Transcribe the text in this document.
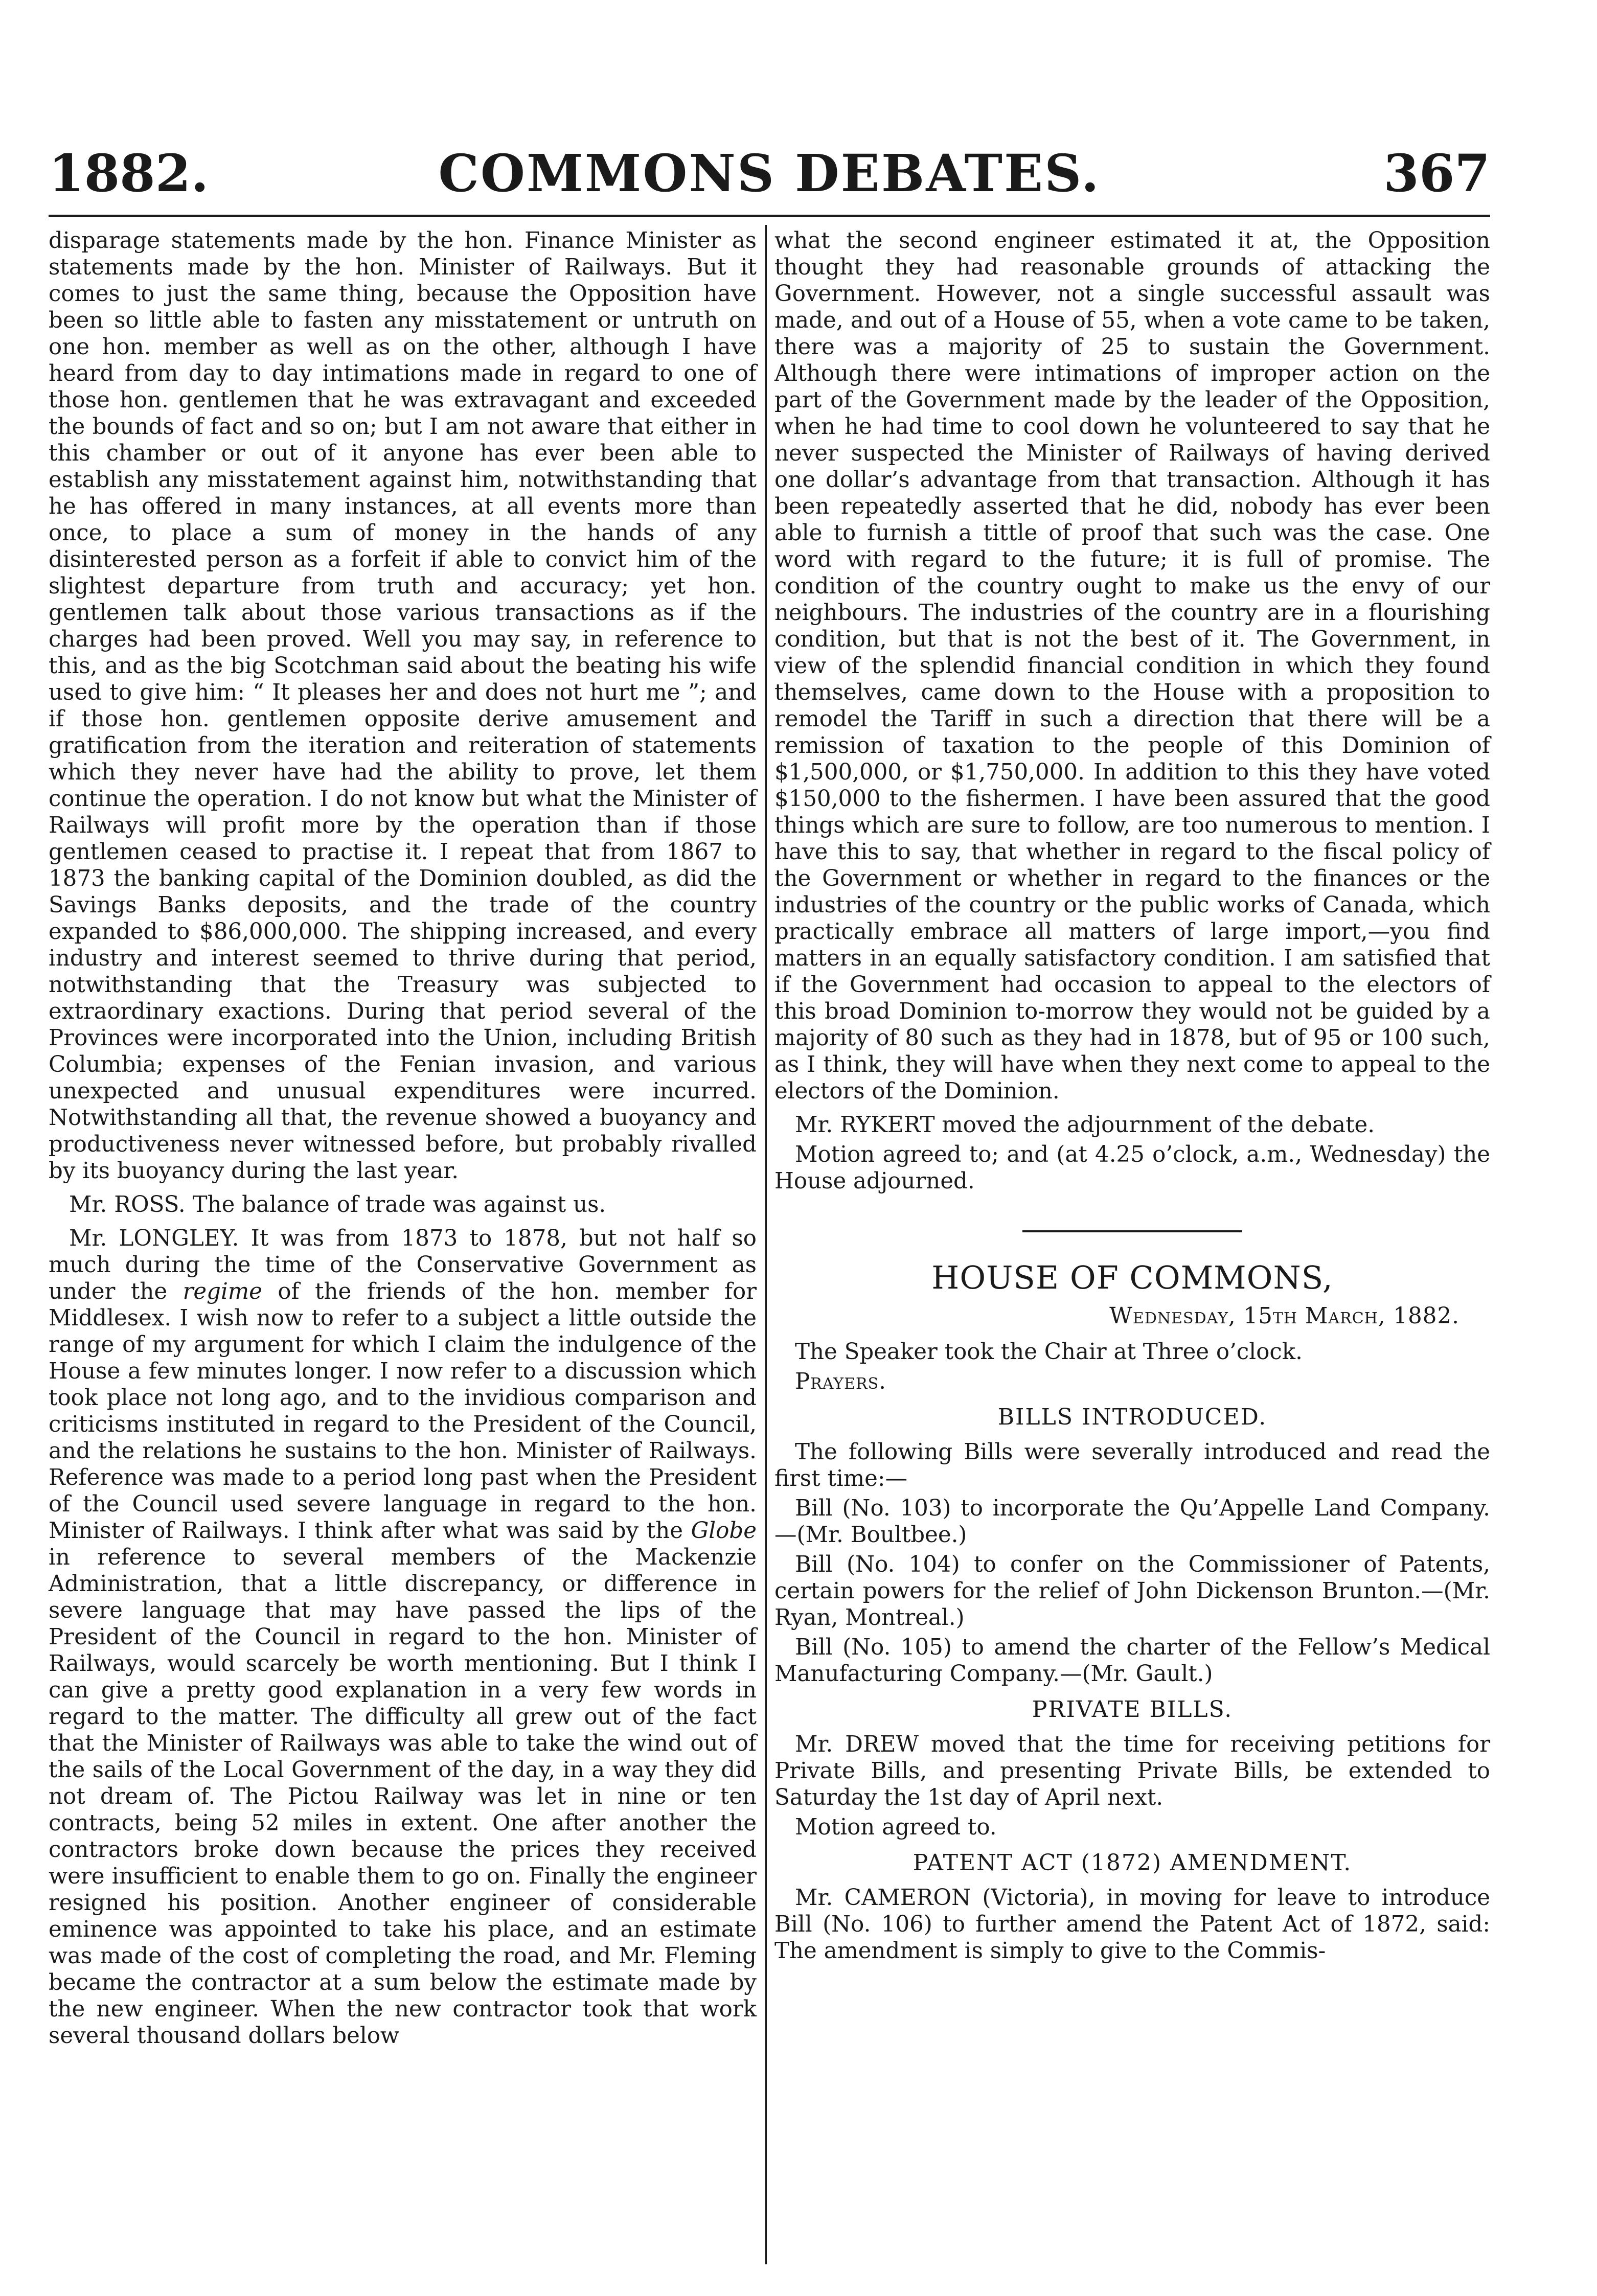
1882.	COMMONS DEBATES.	367

disparage statements made by the hon. Finance Minister as statements made by the hon. Minister of Railways. But it comes to just the same thing, because the Opposition have been so little able to fasten any misstatement or untruth on one hon. member as well as on the other, although I have heard from day to day intimations made in regard to one of those hon. gentlemen that he was extravagant and exceeded the bounds of fact and so on; but I am not aware that either in this chamber or out of it anyone has ever been able to establish any misstatement against him, notwithstanding that he has offered in many instances, at all events more than once, to place a sum of money in the hands of any disinterested person as a forfeit if able to convict him of the slightest departure from truth and accuracy; yet hon. gentlemen talk about those various transactions as if the charges had been proved. Well you may say, in reference to this, and as the big Scotchman said about the beating his wife used to give him: “ It pleases her and does not hurt me ”; and if those hon. gentlemen opposite derive amusement and gratification from the iteration and reiteration of statements which they never have had the ability to prove, let them continue the operation. I do not know but what the Minister of Railways will profit more by the operation than if those gentlemen ceased to practise it. I repeat that from 1867 to 1873 the banking capital of the Dominion doubled, as did the Savings Banks deposits, and the trade of the country expanded to $86,000,000. The shipping increased, and every industry and interest seemed to thrive during that period, notwithstanding that the Treasury was subjected to extraordinary exactions. During that period several of the Provinces were incorporated into the Union, including British Columbia; expenses of the Fenian invasion, and various unexpected and unusual expenditures were incurred. Notwithstanding all that, the revenue showed a buoyancy and productiveness never witnessed before, but probably rivalled by its buoyancy during the last year.

Mr. ROSS. The balance of trade was against us.

Mr. LONGLEY. It was from 1873 to 1878, but not half so much during the time of the Conservative Government as under the regime of the friends of the hon. member for Middlesex. I wish now to refer to a subject a little outside the range of my argument for which I claim the indulgence of the House a few minutes longer. I now refer to a discussion which took place not long ago, and to the invidious comparison and criticisms instituted in regard to the President of the Council, and the relations he sustains to the hon. Minister of Railways. Reference was made to a period long past when the President of the Council used severe language in regard to the hon. Minister of Railways. I think after what was said by the Globe in reference to several members of the Mackenzie Administration, that a little discrepancy, or difference in severe language that may have passed the lips of the President of the Council in regard to the hon. Minister of Railways, would scarcely be worth mentioning. But I think I can give a pretty good explanation in a very few words in regard to the matter. The difficulty all grew out of the fact that the Minister of Railways was able to take the wind out of the sails of the Local Government of the day, in a way they did not dream of. The Pictou Railway was let in nine or ten contracts, being 52 miles in extent. One after another the contractors broke down because the prices they received were insufficient to enable them to go on. Finally the engineer resigned his position. Another engineer of considerable eminence was appointed to take his place, and an estimate was made of the cost of completing the road, and Mr. Fleming became the contractor at a sum below the estimate made by the new engineer. When the new contractor took that work several thousand dollars below

what the second engineer estimated it at, the Opposition thought they had reasonable grounds of attacking the Government. However, not a single successful assault was made, and out of a House of 55, when a vote came to be taken, there was a majority of 25 to sustain the Government. Although there were intimations of improper action on the part of the Government made by the leader of the Opposition, when he had time to cool down he volunteered to say that he never suspected the Minister of Railways of having derived one dollar’s advantage from that transaction. Although it has been repeatedly asserted that he did, nobody has ever been able to furnish a tittle of proof that such was the case. One word with regard to the future; it is full of promise. The condition of the country ought to make us the envy of our neighbours. The industries of the country are in a flourishing condition, but that is not the best of it. The Government, in view of the splendid financial condition in which they found themselves, came down to the House with a proposition to remodel the Tariff in such a direction that there will be a remission of taxation to the people of this Dominion of $1,500,000, or $1,750,000. In addition to this they have voted $150,000 to the fishermen. I have been assured that the good things which are sure to follow, are too numerous to mention. I have this to say, that whether in regard to the fiscal policy of the Government or whether in regard to the finances or the industries of the country or the public works of Canada, which practically embrace all matters of large import,—you find matters in an equally satisfactory condition. I am satisfied that if the Government had occasion to appeal to the electors of this broad Dominion to-morrow they would not be guided by a majority of 80 such as they had in 1878, but of 95 or 100 such, as I think, they will have when they next come to appeal to the electors of the Dominion.

Mr. RYKERT moved the adjournment of the debate.

Motion agreed to; and (at 4.25 o’clock, a.m., Wednesday) the House adjourned.

HOUSE OF COMMONS,
Wednesday, 15th March, 1882.

The Speaker took the Chair at Three o’clock.

Prayers.

BILLS INTRODUCED.

The following Bills were severally introduced and read the first time:—

Bill (No. 103) to incorporate the Qu’Appelle Land Company.—(Mr. Boultbee.)

Bill (No. 104) to confer on the Commissioner of Patents, certain powers for the relief of John Dickenson Brunton.—(Mr. Ryan, Montreal.)

Bill (No. 105) to amend the charter of the Fellow’s Medical Manufacturing Company.—(Mr. Gault.)

PRIVATE BILLS.

Mr. DREW moved that the time for receiving petitions for Private Bills, and presenting Private Bills, be extended to Saturday the 1st day of April next.

Motion agreed to.

PATENT ACT (1872) AMENDMENT.

Mr. CAMERON (Victoria), in moving for leave to introduce Bill (No. 106) to further amend the Patent Act of 1872, said: The amendment is simply to give to the Commis-
